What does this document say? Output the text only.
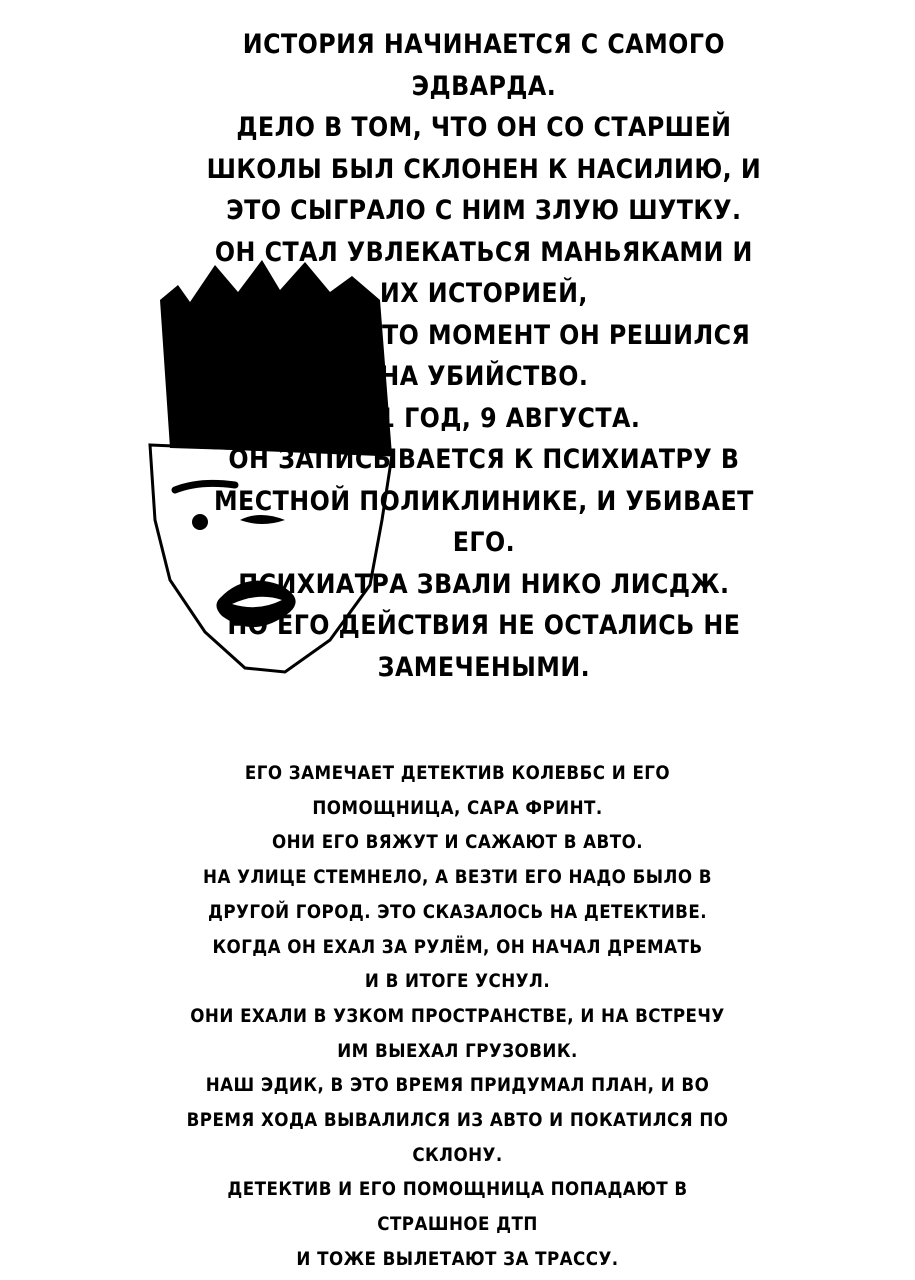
ИСТОРИЯ НАЧИНАЕТСЯ С САМОГО
ЭДВАРДА.
ДЕЛО В ТОМ, ЧТО ОН СО СТАРШЕЙ
ШКОЛЫ БЫЛ СКЛОНЕН К НАСИЛИЮ, И
ЭТО СЫГРАЛО С НИМ ЗЛУЮ ШУТКУ.
ОН СТАЛ УВЛЕКАТЬСЯ МАНЬЯКАМИ И
ИХ ИСТОРИЕЙ,
И В КАКОЙ ТО МОМЕНТ ОН РЕШИЛСЯ
НА УБИЙСТВО.
1991 ГОД, 9 АВГУСТА.
ОН ЗАПИСЫВАЕТСЯ К ПСИХИАТРУ В
МЕСТНОЙ ПОЛИКЛИНИКЕ, И УБИВАЕТ
ЕГО.
ПСИХИАТРА ЗВАЛИ НИКО ЛИСДЖ.
НО ЕГО ДЕЙСТВИЯ НЕ ОСТАЛИСЬ НЕ
ЗАМЕЧЕНЫМИ.
ЕГО ЗАМЕЧАЕТ ДЕТЕКТИВ КОЛЕВБС И ЕГО
ПОМОЩНИЦА, САРА ФРИНТ.
ОНИ ЕГО ВЯЖУТ И САЖАЮТ В АВТО.
НА УЛИЦЕ СТЕМНЕЛО, А ВЕЗТИ ЕГО НАДО БЫЛО В
ДРУГОЙ ГОРОД. ЭТО СКАЗАЛОСЬ НА ДЕТЕКТИВЕ.
КОГДА ОН ЕХАЛ ЗА РУЛЁМ, ОН НАЧАЛ ДРЕМАТЬ
И В ИТОГЕ УСНУЛ.
ОНИ ЕХАЛИ В УЗКОМ ПРОСТРАНСТВЕ, И НА ВСТРЕЧУ
ИМ ВЫЕХАЛ ГРУЗОВИК.
НАШ ЭДИК, В ЭТО ВРЕМЯ ПРИДУМАЛ ПЛАН, И ВО
ВРЕМЯ ХОДА ВЫВАЛИЛСЯ ИЗ АВТО И ПОКАТИЛСЯ ПО
СКЛОНУ.
ДЕТЕКТИВ И ЕГО ПОМОЩНИЦА ПОПАДАЮТ В
СТРАШНОЕ ДТП
И ТОЖЕ ВЫЛЕТАЮТ ЗА ТРАССУ.
